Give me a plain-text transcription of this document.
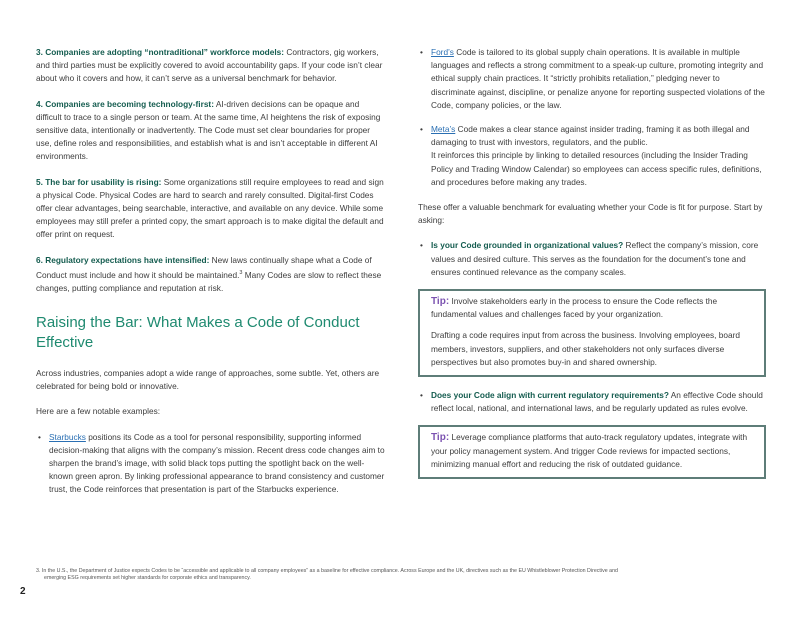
3. Companies are adopting “nontraditional” workforce models: Contractors, gig workers, and third parties must be explicitly covered to avoid accountability gaps. If your code isn’t clear about who it covers and how, it can’t serve as a universal benchmark for behavior.

4. Companies are becoming technology-first: AI-driven decisions can be opaque and difficult to trace to a single person or team. At the same time, AI heightens the risk of exposing sensitive data, intentionally or inadvertently. The Code must set clear boundaries for proper use, define roles and responsibilities, and establish what is and isn’t acceptable in different AI environments.

5. The bar for usability is rising: Some organizations still require employees to read and sign a physical Code. Physical Codes are hard to search and rarely consulted. Digital-first Codes offer clear advantages, being searchable, interactive, and available on any device. While some employees may still prefer a printed copy, the smart approach is to make digital the default and offer print on request.

6. Regulatory expectations have intensified: New laws continually shape what a Code of Conduct must include and how it should be maintained.$^3$ Many Codes are slow to reflect these changes, putting compliance and reputation at risk.

Raising the Bar: What Makes a Code of Conduct Effective

Across industries, companies adopt a wide range of approaches, some subtle. Yet, others are celebrated for being bold or innovative.

Here are a few notable examples:

• Starbucks positions its Code as a tool for personal responsibility, supporting informed decision-making that aligns with the company’s mission. Recent dress code changes aim to sharpen the brand’s image, with solid black tops putting the spotlight back on the well-known green apron. By linking professional appearance to brand consistency and customer trust, the Code reinforces that presentation is part of the Starbucks experience.
• Ford’s Code is tailored to its global supply chain operations. It is available in multiple languages and reflects a strong commitment to a speak-up culture, promoting integrity and ethical supply chain practices. It “strictly prohibits retaliation,” pledging never to discriminate against, discipline, or penalize anyone for reporting suspected violations of the Code, company policies, or the law.
• Meta’s Code makes a clear stance against insider trading, framing it as both illegal and damaging to trust with investors, regulators, and the public.
It reinforces this principle by linking to detailed resources (including the Insider Trading Policy and Trading Window Calendar) so employees can access specific rules, definitions, and procedures before making any trades.

These offer a valuable benchmark for evaluating whether your Code is fit for purpose. Start by asking:

• Is your Code grounded in organizational values? Reflect the company’s mission, core values and desired culture. This serves as the foundation for the document’s tone and ensures continued relevance as the company scales.

Tip: Involve stakeholders early in the process to ensure the Code reflects the fundamental values and challenges faced by your organization.

Drafting a code requires input from across the business. Involving employees, board members, investors, suppliers, and other stakeholders not only surfaces diverse perspectives but also promotes buy-in and shared ownership.

• Does your Code align with current regulatory requirements? An effective Code should reflect local, national, and international laws, and be regularly updated as rules evolve.

Tip: Leverage compliance platforms that auto-track regulatory updates, integrate with your policy management system. And trigger Code reviews for impacted sections, minimizing manual effort and reducing the risk of outdated guidance.

3. In the U.S., the Department of Justice expects Codes to be “accessible and applicable to all company employees” as a baseline for effective compliance. Across Europe and the UK, directives such as the EU Whistleblower Protection Directive and
emerging ESG requirements set higher standards for corporate ethics and transparency.
2
